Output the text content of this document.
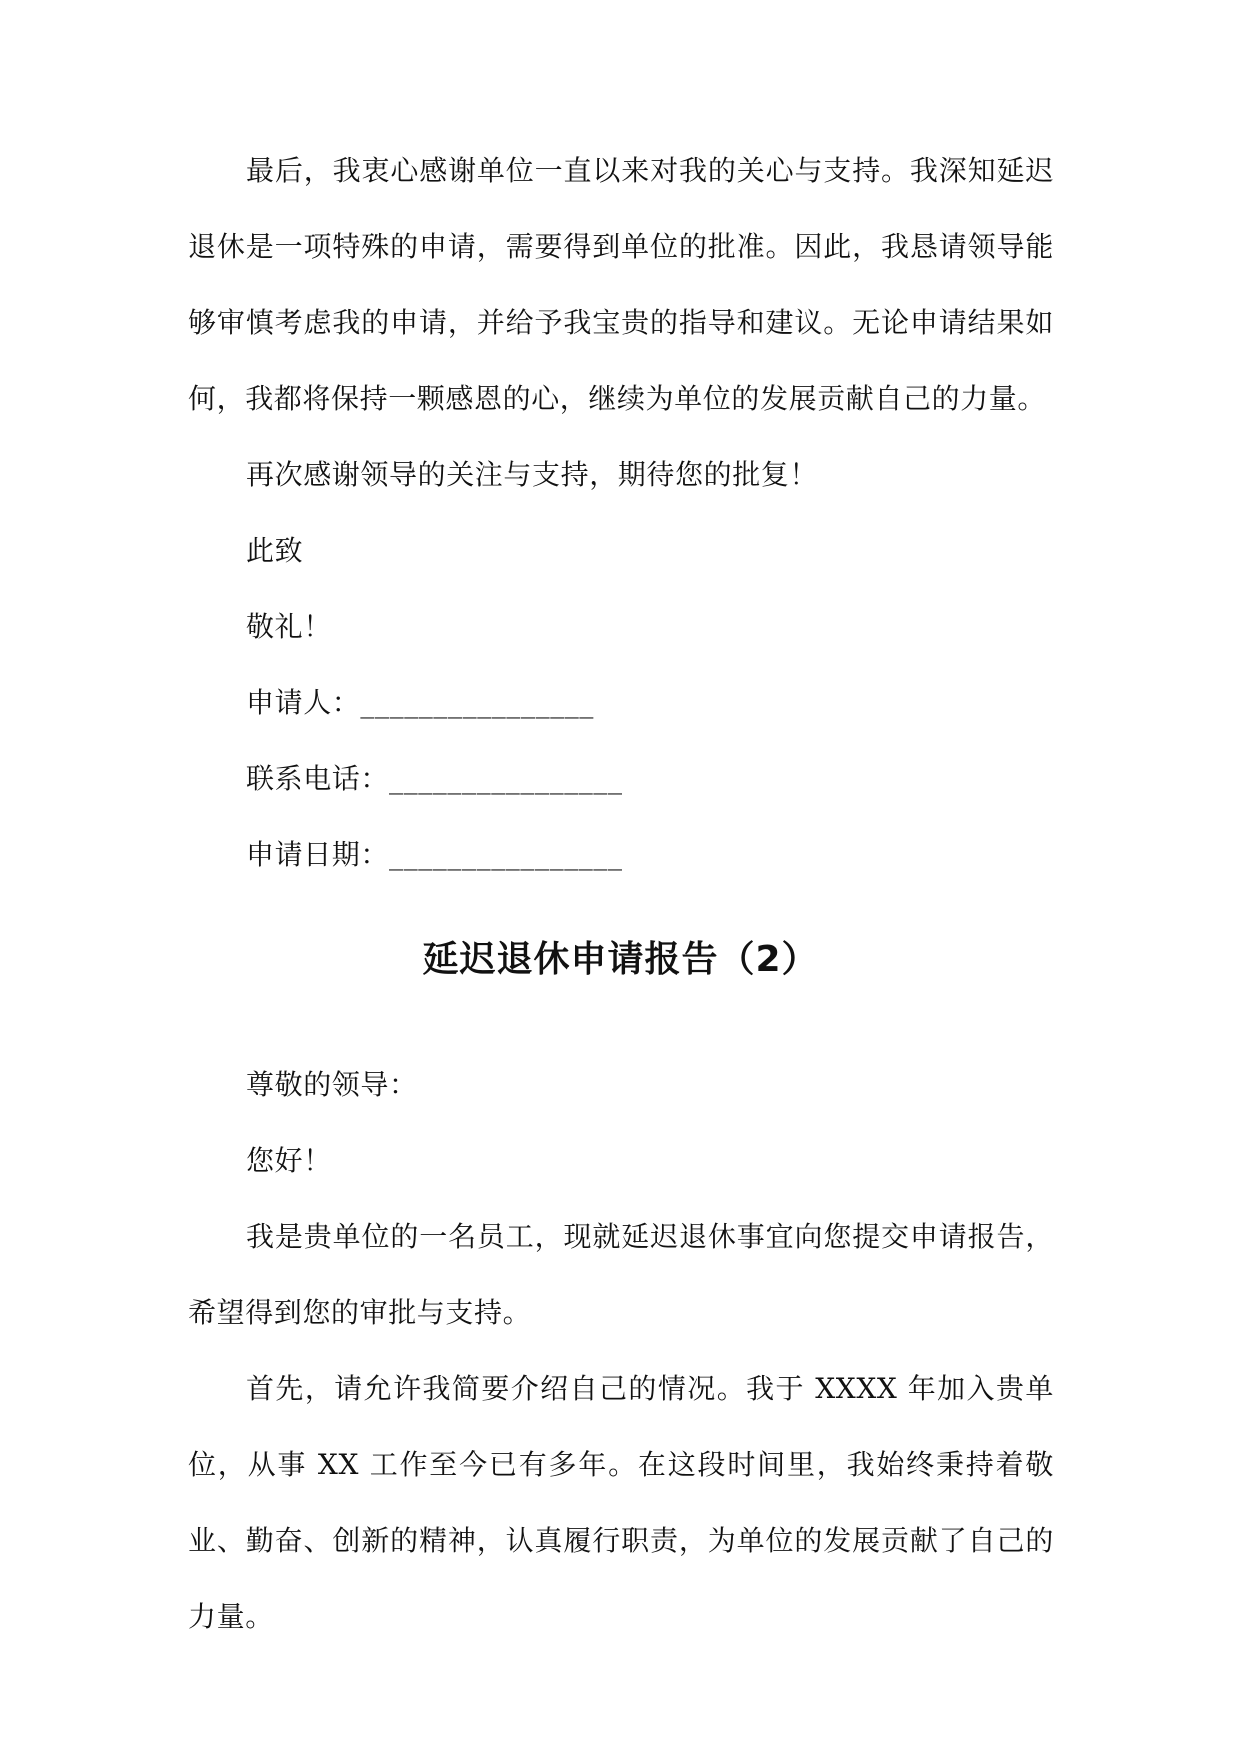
最后，我衷心感谢单位一直以来对我的关心与支持。我深知延迟退休是一项特殊的申请，需要得到单位的批准。因此，我恳请领导能够审慎考虑我的申请，并给予我宝贵的指导和建议。无论申请结果如何，我都将保持一颗感恩的心，继续为单位的发展贡献自己的力量。

再次感谢领导的关注与支持，期待您的批复！

此致

敬礼！

申请人：________________

联系电话：________________

申请日期：________________

延迟退休申请报告（2）

尊敬的领导：

您好！

我是贵单位的一名员工，现就延迟退休事宜向您提交申请报告，希望得到您的审批与支持。

首先，请允许我简要介绍自己的情况。我于 XXXX 年加入贵单位，从事 XX 工作至今已有多年。在这段时间里，我始终秉持着敬业、勤奋、创新的精神，认真履行职责，为单位的发展贡献了自己的力量。
